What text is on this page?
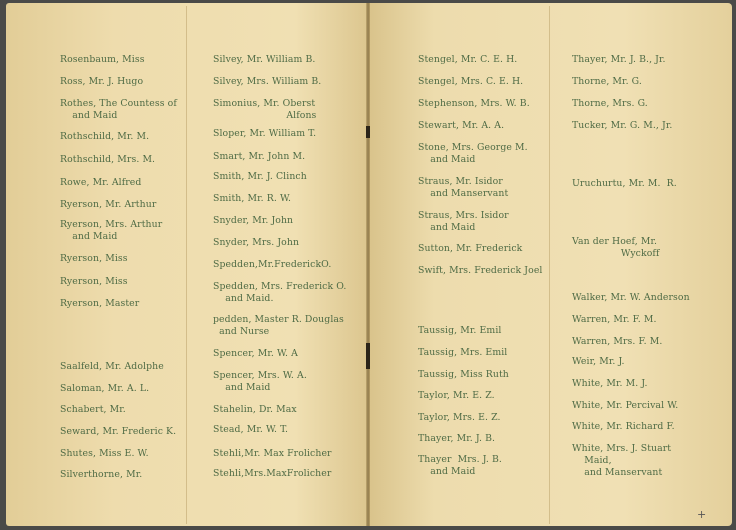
Rosenbaum, Miss
Ross, Mr. J. Hugo
Rothes, The Countess of
and Maid
Rothschild, Mr. M.
Rothschild, Mrs. M.
Rowe, Mr. Alfred
Ryerson, Mr. Arthur
Ryerson, Mrs. Arthur
and Maid
Ryerson, Miss
Ryerson, Miss
Ryerson, Master
Saalfeld, Mr. Adolphe
Saloman, Mr. A. L.
Schabert, Mr.
Seward, Mr. Frederic K.
Shutes, Miss E. W.
Silverthorne, Mr.
Silvey, Mr. William B.
Silvey, Mrs. William B.
Simonius, Mr. Oberst
Alfons
Sloper, Mr. William T.
Smart, Mr. John M.
Smith, Mr. J. Clinch
Smith, Mr. R. W.
Snyder, Mr. John
Snyder, Mrs. John
Spedden,Mr.FrederickO.
Spedden, Mrs. Frederick O.
and Maid.
pedden, Master R. Douglas
and Nurse
Spencer, Mr. W. A
Spencer, Mrs. W. A.
and Maid
Stahelin, Dr. Max
Stead, Mr. W. T.
Stehli,Mr. Max Frolicher
Stehli,Mrs.MaxFrolicher
Stengel, Mr. C. E. H.
Stengel, Mrs. C. E. H.
Stephenson, Mrs. W. B.
Stewart, Mr. A. A.
Stone, Mrs. George M.
and Maid
Straus, Mr. Isidor
and Manservant
Straus, Mrs. Isidor
and Maid
Sutton, Mr. Frederick
Swift, Mrs. Frederick Joel
Taussig, Mr. Emil
Taussig, Mrs. Emil
Taussig, Miss Ruth
Taylor, Mr. E. Z.
Taylor, Mrs. E. Z.
Thayer, Mr. J. B.
Thayer  Mrs. J. B.
and Maid
Thayer, Mr. J. B., Jr.
Thorne, Mr. G.
Thorne, Mrs. G.
Tucker, Mr. G. M., Jr.
Uruchurtu, Mr. M.  R.
Van der Hoef, Mr.
Wyckoff
Walker, Mr. W. Anderson
Warren, Mr. F. M.
Warren, Mrs. F. M.
Weir, Mr. J.
White, Mr. M. J.
White, Mr. Percival W.
White, Mr. Richard F.
White, Mrs. J. Stuart
Maid,
and Manservant
+
